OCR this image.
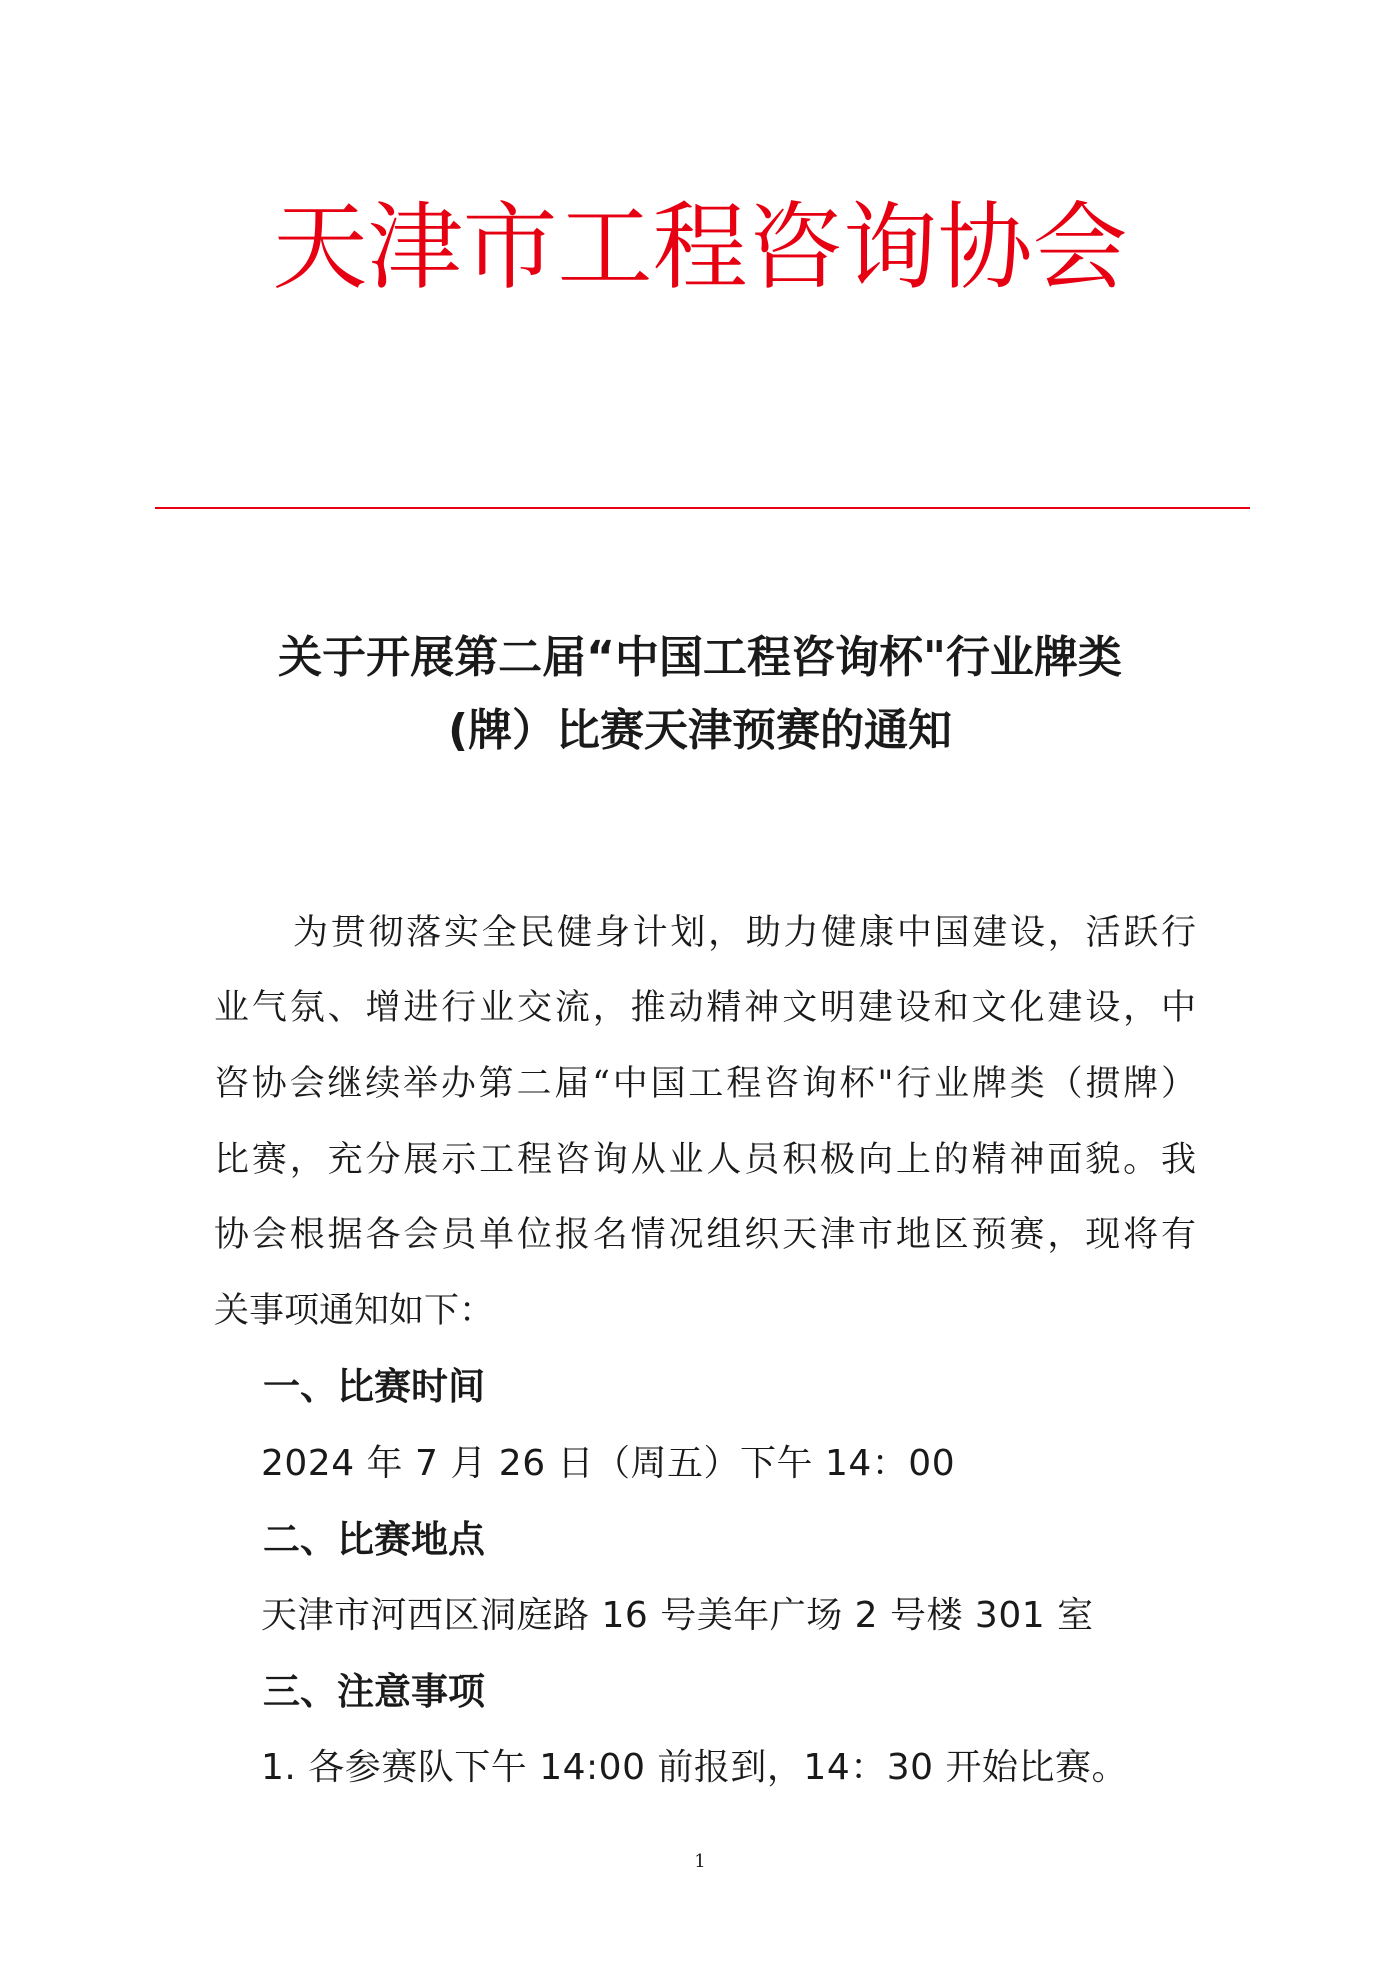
天津市工程咨询协会
关于开展第二届“中国工程咨询杯"行业牌类
(牌）比赛天津预赛的通知
为贯彻落实全民健身计划，助力健康中国建设，活跃行
业气氛、增进行业交流，推动精神文明建设和文化建设，中
咨协会继续举办第二届“中国工程咨询杯"行业牌类（掼牌）
比赛，充分展示工程咨询从业人员积极向上的精神面貌。我
协会根据各会员单位报名情况组织天津市地区预赛，现将有
关事项通知如下：
一、比赛时间
2024 年 7 月 26 日（周五）下午 14：00
二、比赛地点
天津市河西区洞庭路 16 号美年广场 2 号楼 301 室
三、注意事项
1. 各参赛队下午 14:00 前报到，14：30 开始比赛。
1
